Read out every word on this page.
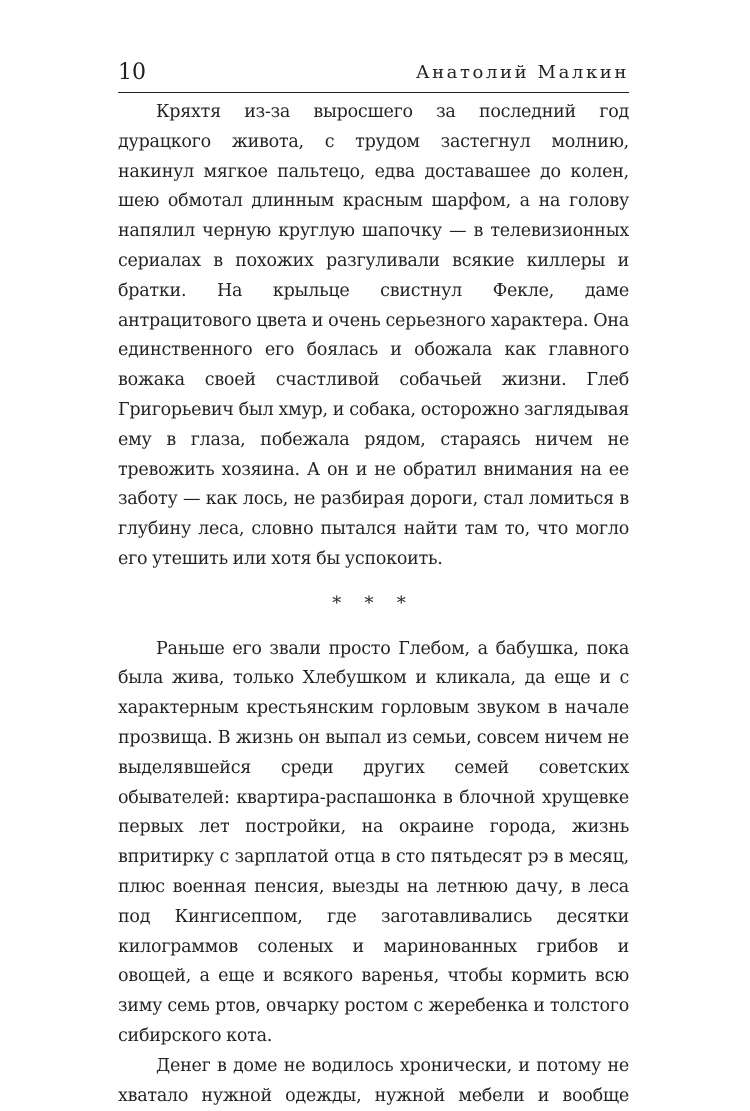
10	Анатолий Малкин

Кряхтя из-за выросшего за последний год дурацкого живота, с трудом застегнул молнию, накинул мягкое пальтецо, едва доставашее до колен, шею обмотал длинным красным шарфом, а на голову напялил черную круглую шапочку — в телевизионных сериалах в похожих разгуливали всякие киллеры и братки. На крыльце свистнул Фекле, даме антрацитового цвета и очень серьезного характера. Она единственного его боялась и обожала как главного вожака своей счастливой собачьей жизни. Глеб Григорьевич был хмур, и собака, осторожно заглядывая ему в глаза, побежала рядом, стараясь ничем не тревожить хозяина. А он и не обратил внимания на ее заботу — как лось, не разбирая дороги, стал ломиться в глубину леса, словно пытался найти там то, что могло его утешить или хотя бы успокоить.

* * *

Раньше его звали просто Глебом, а бабушка, пока была жива, только Хлебушком и кликала, да еще и с характерным крестьянским горловым звуком в начале прозвища. В жизнь он выпал из семьи, совсем ничем не выделявшейся среди других семей советских обывателей: квартира-распашонка в блочной хрущевке первых лет постройки, на окраине города, жизнь впритирку с зарплатой отца в сто пятьдесят рэ в месяц, плюс военная пенсия, выезды на летнюю дачу, в леса под Кингисеппом, где заготавливались десятки килограммов соленых и маринованных грибов и овощей, а еще и всякого варенья, чтобы кормить всю зиму семь ртов, овчарку ростом с жеребенка и толстого сибирского кота.

Денег в доме не водилось хронически, и потому не хватало нужной одежды, нужной мебели и вообще
